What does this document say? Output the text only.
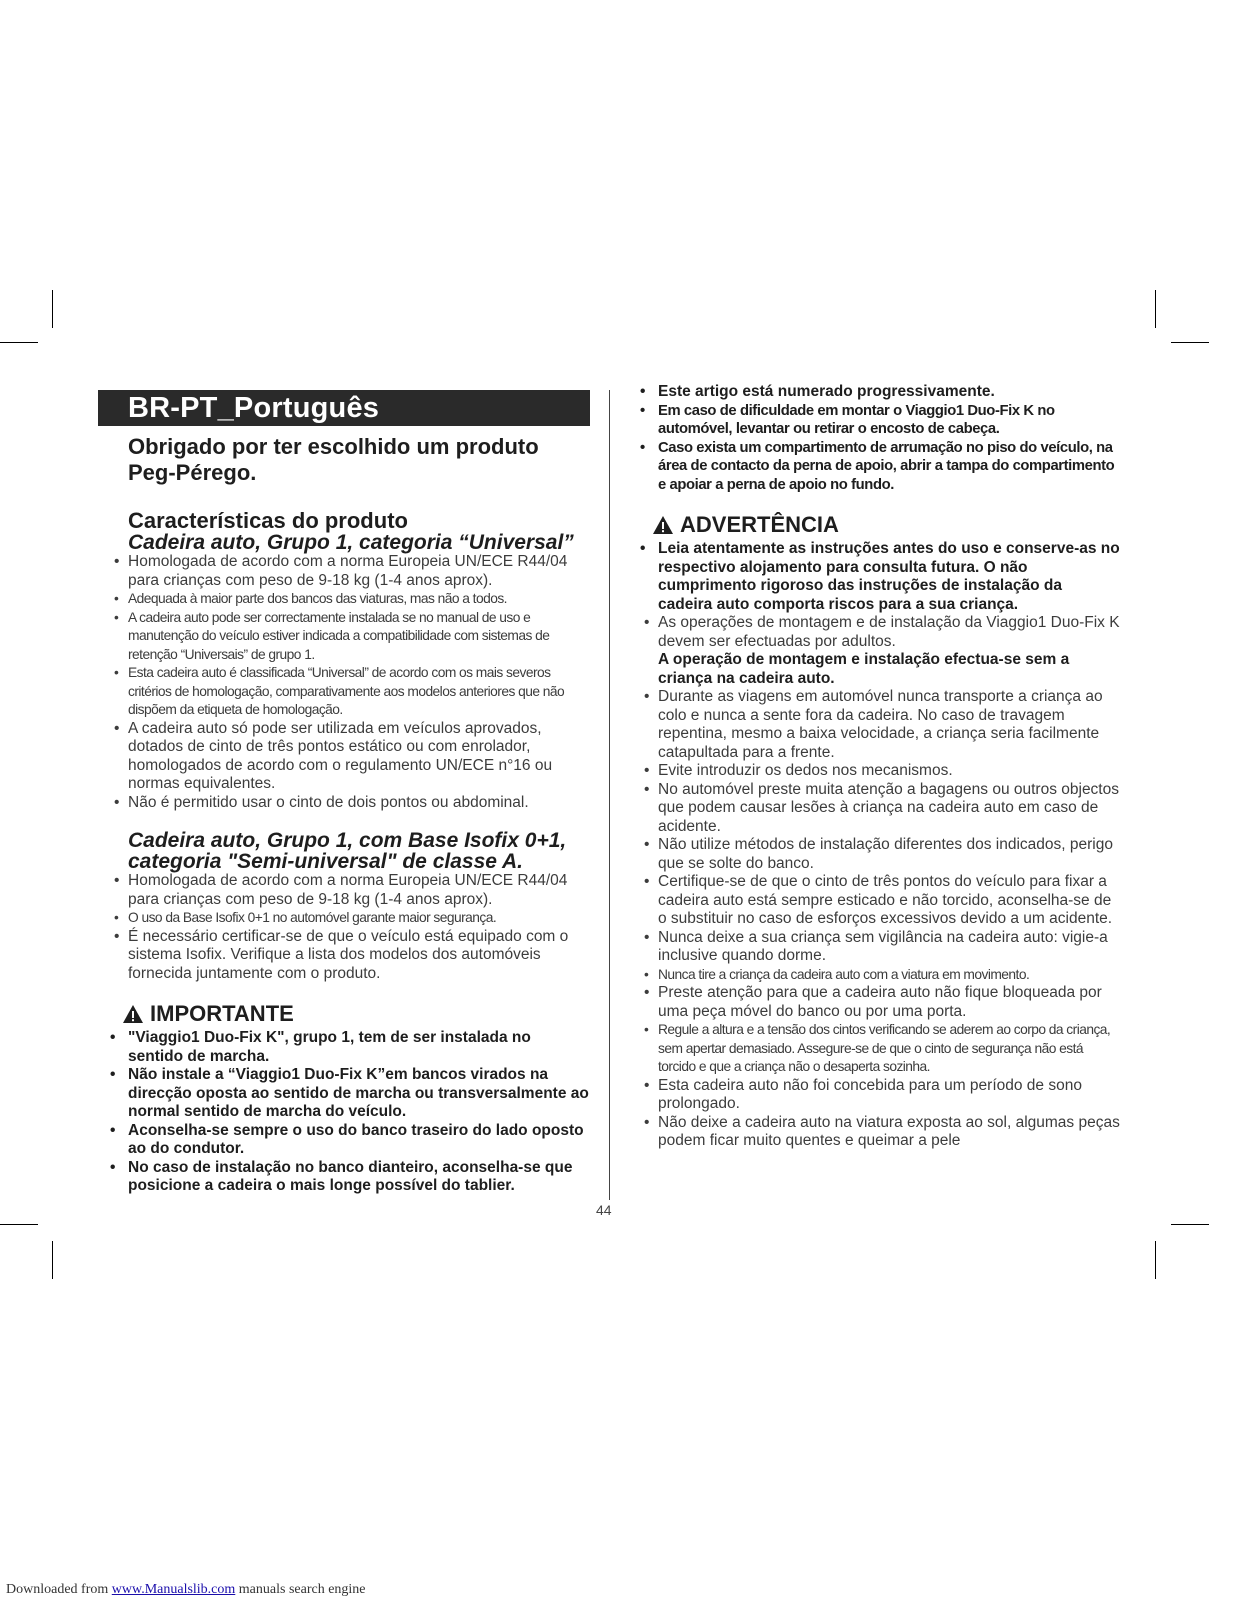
BR-PT_Português
Obrigado por ter escolhido um produto Peg-Pérego.
Características do produto
Cadeira auto, Grupo 1, categoria “Universal”
• Homologada de acordo com a norma Europeia UN/ECE R44/04 para crianças com peso de 9-18 kg (1-4 anos aprox).
• Adequada à maior parte dos bancos das viaturas, mas não a todos.
• A cadeira auto pode ser correctamente instalada se no manual de uso e manutenção do veículo estiver indicada a compatibilidade com sistemas de retenção “Universais” de grupo 1.
• Esta cadeira auto é classificada “Universal” de acordo com os mais severos critérios de homologação, comparativamente aos modelos anteriores que não dispõem da etiqueta de homologação.
• A cadeira auto só pode ser utilizada em veículos aprovados, dotados de cinto de três pontos estático ou com enrolador, homologados de acordo com o regulamento UN/ECE n°16 ou normas equivalentes.
• Não é permitido usar o cinto de dois pontos ou abdominal.
Cadeira auto, Grupo 1, com Base Isofix 0+1, categoria "Semi-universal" de classe A.
• Homologada de acordo com a norma Europeia UN/ECE R44/04 para crianças com peso de 9-18 kg (1-4 anos aprox).
• O uso da Base Isofix 0+1 no automóvel garante maior segurança.
• É necessário certificar-se de que o veículo está equipado com o sistema Isofix. Verifique a lista dos modelos dos automóveis fornecida juntamente com o produto.
IMPORTANTE
• "Viaggio1 Duo-Fix K", grupo 1, tem de ser instalada no sentido de marcha.
• Não instale a “Viaggio1 Duo-Fix K”em bancos virados na direcção oposta ao sentido de marcha ou transversalmente ao normal sentido de marcha do veículo.
• Aconselha-se sempre o uso do banco traseiro do lado oposto ao do condutor.
• No caso de instalação no banco dianteiro, aconselha-se que posicione a cadeira o mais longe possível do tablier.
• Este artigo está numerado progressivamente.
• Em caso de dificuldade em montar o Viaggio1 Duo-Fix K no automóvel, levantar ou retirar o encosto de cabeça.
• Caso exista um compartimento de arrumação no piso do veículo, na área de contacto da perna de apoio, abrir a tampa do compartimento e apoiar a perna de apoio no fundo.
ADVERTÊNCIA
• Leia atentamente as instruções antes do uso e conserve-as no respectivo alojamento para consulta futura. O não cumprimento rigoroso das instruções de instalação da cadeira auto comporta riscos para a sua criança.
• As operações de montagem e de instalação da Viaggio1 Duo-Fix K devem ser efectuadas por adultos.
A operação de montagem e instalação efectua-se sem a criança na cadeira auto.
• Durante as viagens em automóvel nunca transporte a criança ao colo e nunca a sente fora da cadeira. No caso de travagem repentina, mesmo a baixa velocidade, a criança seria facilmente catapultada para a frente.
• Evite introduzir os dedos nos mecanismos.
• No automóvel preste muita atenção a bagagens ou outros objectos que podem causar lesões à criança na cadeira auto em caso de acidente.
• Não utilize métodos de instalação diferentes dos indicados, perigo que se solte do banco.
• Certifique-se de que o cinto de três pontos do veículo para fixar a cadeira auto está sempre esticado e não torcido, aconselha-se de o substituir no caso de esforços excessivos devido a um acidente.
• Nunca deixe a sua criança sem vigilância na cadeira auto: vigie-a inclusive quando dorme.
• Nunca tire a criança da cadeira auto com a viatura em movimento.
• Preste atenção para que a cadeira auto não fique bloqueada por uma peça móvel do banco ou por uma porta.
• Regule a altura e a tensão dos cintos verificando se aderem ao corpo da criança, sem apertar demasiado. Assegure-se de que o cinto de segurança não está torcido e que a criança não o desaperta sozinha.
• Esta cadeira auto não foi concebida para um período de sono prolongado.
• Não deixe a cadeira auto na viatura exposta ao sol, algumas peças podem ficar muito quentes e queimar a pele
44
Downloaded from www.Manualslib.com manuals search engine
